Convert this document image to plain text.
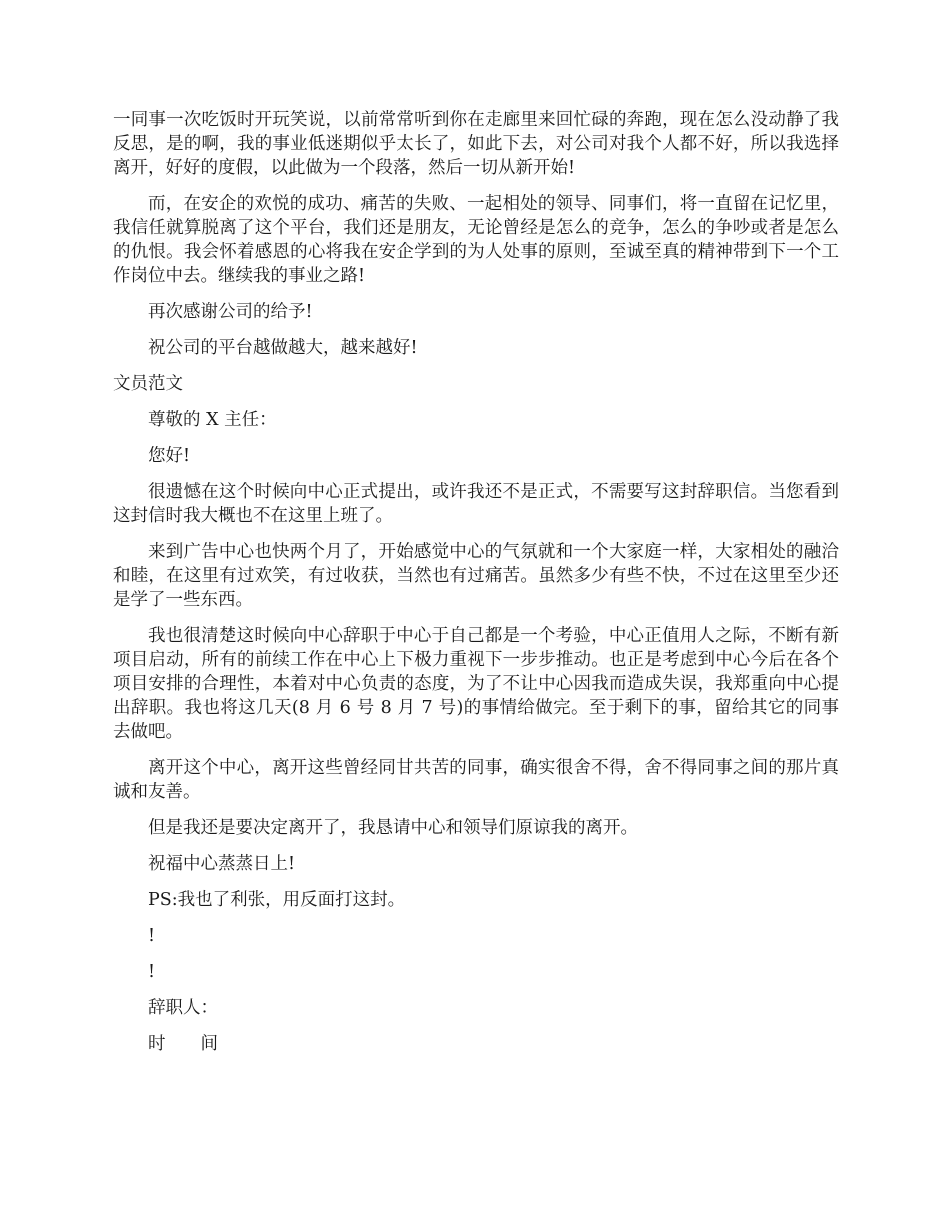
一同事一次吃饭时开玩笑说，以前常常听到你在走廊里来回忙碌的奔跑，现在怎么没动静了我反思，是的啊，我的事业低迷期似乎太长了，如此下去，对公司对我个人都不好，所以我选择离开，好好的度假，以此做为一个段落，然后一切从新开始!

而，在安企的欢悦的成功、痛苦的失败、一起相处的领导、同事们，将一直留在记忆里，我信任就算脱离了这个平台，我们还是朋友，无论曾经是怎么的竞争，怎么的争吵或者是怎么的仇恨。我会怀着感恩的心将我在安企学到的为人处事的原则，至诚至真的精神带到下一个工作岗位中去。继续我的事业之路!

再次感谢公司的给予!

祝公司的平台越做越大，越来越好!

文员范文

尊敬的 X 主任：

您好!

很遗憾在这个时候向中心正式提出，或许我还不是正式，不需要写这封辞职信。当您看到这封信时我大概也不在这里上班了。

来到广告中心也快两个月了，开始感觉中心的气氛就和一个大家庭一样，大家相处的融洽和睦，在这里有过欢笑，有过收获，当然也有过痛苦。虽然多少有些不快，不过在这里至少还是学了一些东西。

我也很清楚这时候向中心辞职于中心于自己都是一个考验，中心正值用人之际，不断有新项目启动，所有的前续工作在中心上下极力重视下一步步推动。也正是考虑到中心今后在各个项目安排的合理性，本着对中心负责的态度，为了不让中心因我而造成失误，我郑重向中心提出辞职。我也将这几天(8 月 6 号 8 月 7 号)的事情给做完。至于剩下的事，留给其它的同事去做吧。

离开这个中心，离开这些曾经同甘共苦的同事，确实很舍不得，舍不得同事之间的那片真诚和友善。

但是我还是要决定离开了，我恳请中心和领导们原谅我的离开。

祝福中心蒸蒸日上!

PS:我也了利张，用反面打这封。

!

!

辞职人：

时　　间
